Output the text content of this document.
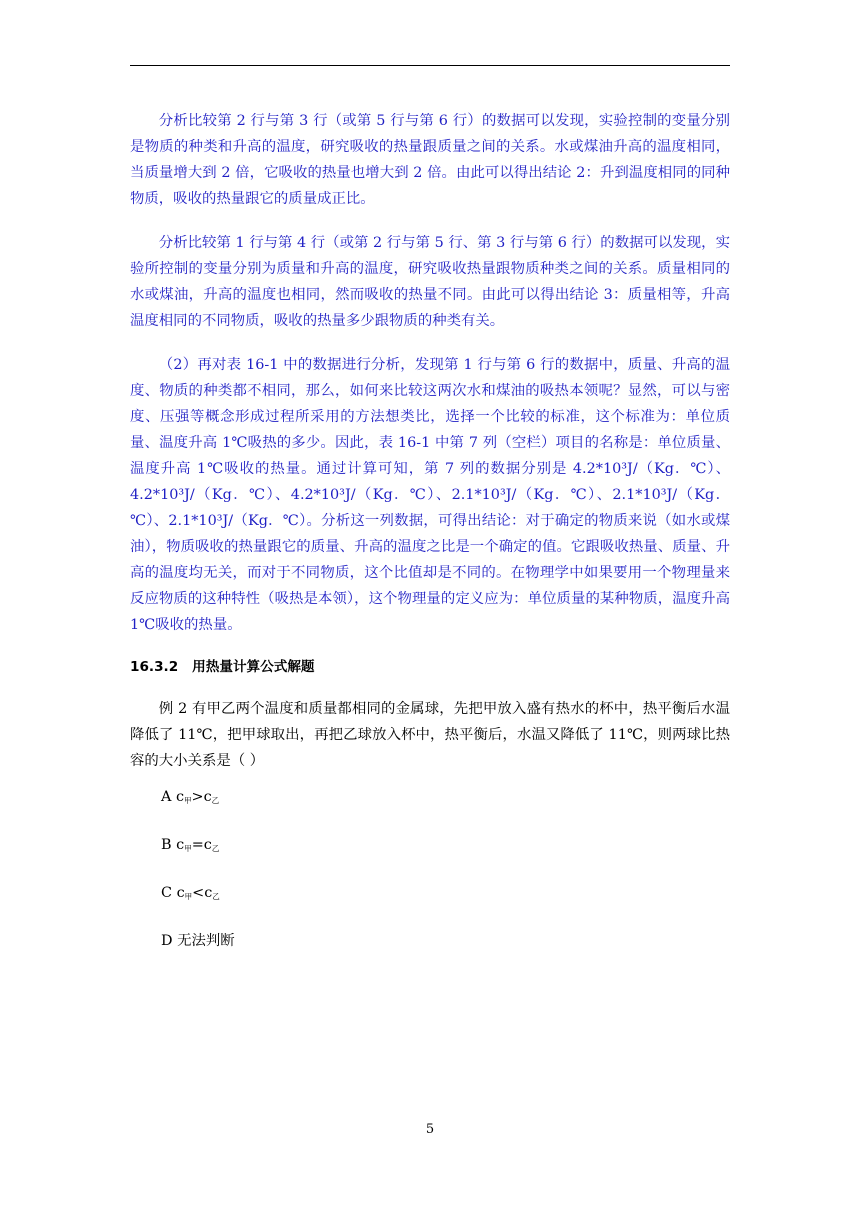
分析比较第 2 行与第 3 行（或第 5 行与第 6 行）的数据可以发现，实验控制的变量分别是物质的种类和升高的温度，研究吸收的热量跟质量之间的关系。水或煤油升高的温度相同，当质量增大到 2 倍，它吸收的热量也增大到 2 倍。由此可以得出结论 2：升到温度相同的同种物质，吸收的热量跟它的质量成正比。

分析比较第 1 行与第 4 行（或第 2 行与第 5 行、第 3 行与第 6 行）的数据可以发现，实验所控制的变量分别为质量和升高的温度，研究吸收热量跟物质种类之间的关系。质量相同的水或煤油，升高的温度也相同，然而吸收的热量不同。由此可以得出结论 3：质量相等，升高温度相同的不同物质，吸收的热量多少跟物质的种类有关。

（2）再对表 16-1 中的数据进行分析，发现第 1 行与第 6 行的数据中，质量、升高的温度、物质的种类都不相同，那么，如何来比较这两次水和煤油的吸热本领呢？显然，可以与密度、压强等概念形成过程所采用的方法想类比，选择一个比较的标准，这个标准为：单位质量、温度升高 1℃吸热的多少。因此，表 16-1 中第 7 列（空栏）项目的名称是：单位质量、温度升高 1℃吸收的热量。通过计算可知，第 7 列的数据分别是 4.2*10³J/（Kg．℃）、4.2*10³J/（Kg．℃）、4.2*10³J/（Kg．℃）、2.1*10³J/（Kg．℃）、2.1*10³J/（Kg．℃）、2.1*10³J/（Kg．℃）。分析这一列数据，可得出结论：对于确定的物质来说（如水或煤油），物质吸收的热量跟它的质量、升高的温度之比是一个确定的值。它跟吸收热量、质量、升高的温度均无关，而对于不同物质，这个比值却是不同的。在物理学中如果要用一个物理量来反应物质的这种特性（吸热是本领），这个物理量的定义应为：单位质量的某种物质，温度升高 1℃吸收的热量。

16.3.2 用热量计算公式解题

例 2 有甲乙两个温度和质量都相同的金属球，先把甲放入盛有热水的杯中，热平衡后水温降低了 11℃，把甲球取出，再把乙球放入杯中，热平衡后，水温又降低了 11℃，则两球比热容的大小关系是（ ）

A $c_甲>c_乙$

B $c_甲=c_乙$

C $c_甲<c_乙$

D 无法判断

5
